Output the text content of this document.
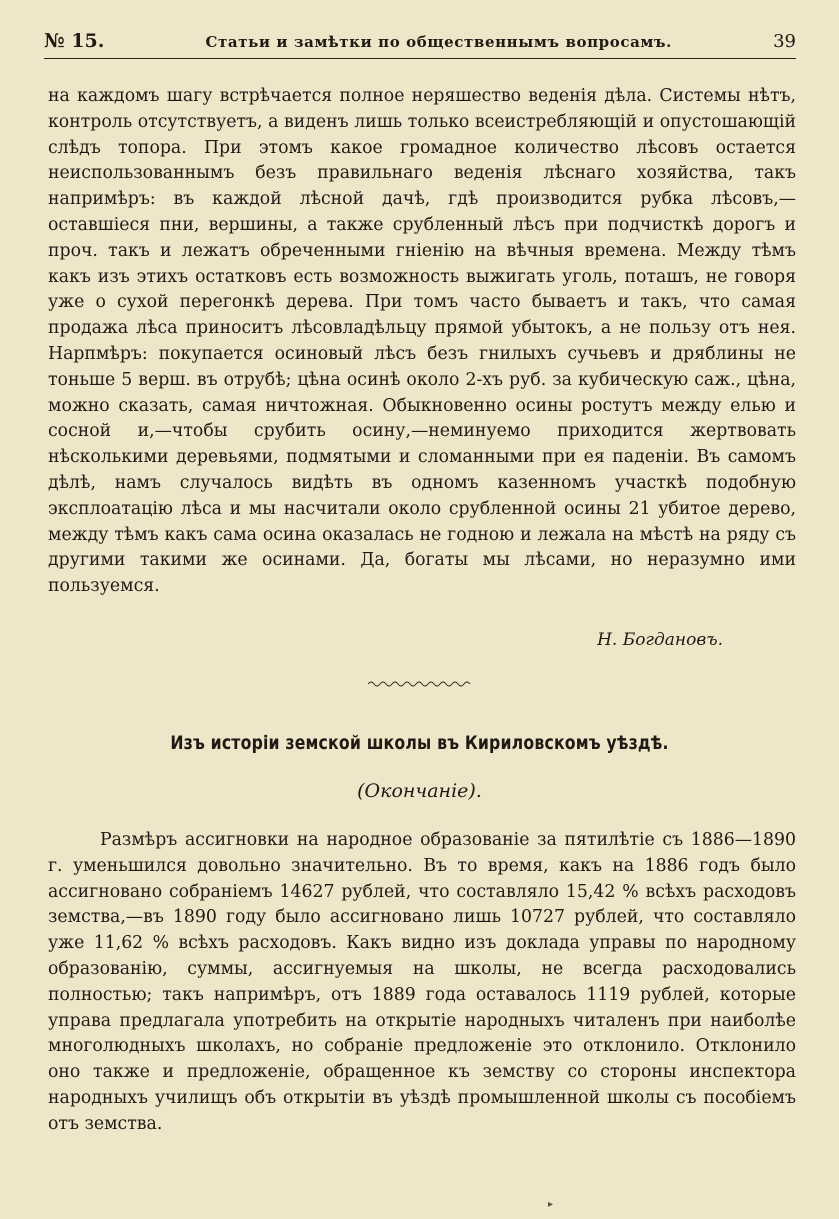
№ 15.	Статьи и замѣтки по общественнымъ вопросамъ.	39

на каждомъ шагу встрѣчается полное неряшество веденія дѣла. Системы нѣтъ, контроль отсутствуетъ, а виденъ лишь только всеистребляющій и опустошающій слѣдъ топора. При этомъ какое громадное количество лѣсовъ остается неиспользованнымъ безъ правильнаго веденія лѣснаго хозяйства, такъ напримѣръ: въ каждой лѣсной дачѣ, гдѣ производится рубка лѣсовъ,—оставшіеся пни, вершины, а также срубленный лѣсъ при подчисткѣ дорогъ и проч. такъ и лежатъ обреченными гніенію на вѣчныя времена. Между тѣмъ какъ изъ этихъ остатковъ есть возможность выжигать уголь, поташъ, не говоря уже о сухой перегонкѣ дерева. При томъ часто бываетъ и такъ, что самая продажа лѣса приноситъ лѣсовладѣльцу прямой убытокъ, а не пользу отъ нея. Нарпмѣръ: покупается осиновый лѣсъ безъ гнилыхъ сучьевъ и дряблины не тоньше 5 верш. въ отрубѣ; цѣна осинѣ около 2-хъ руб. за кубическую саж., цѣна, можно сказать, самая ничтожная. Обыкновенно осины ростутъ между елью и сосной и,—чтобы срубить осину,—неминуемо приходится жертвовать нѣсколькими деревьями, подмятыми и сломанными при ея паденіи. Въ самомъ дѣлѣ, намъ случалось видѣть въ одномъ казенномъ участкѣ подобную эксплоатацію лѣса и мы насчитали около срубленной осины 21 убитое дерево, между тѣмъ какъ сама осина оказалась не годною и лежала на мѣстѣ на ряду съ другими такими же осинами. Да, богаты мы лѣсами, но неразумно ими пользуемся.

Н. Богдановъ.
Изъ исторіи земской школы въ Кириловскомъ уѣздѣ.
(Окончаніе).

Размѣръ ассигновки на народное образованіе за пятилѣтіе съ 1886—1890 г. уменьшился довольно значительно. Въ то время, какъ на 1886 годъ было ассигновано собраніемъ 14627 рублей, что составляло 15,42 % всѣхъ расходовъ земства,—въ 1890 году было ассигновано лишь 10727 рублей, что составляло уже 11,62 % всѣхъ расходовъ. Какъ видно изъ доклада управы по народному образованію, суммы, ассигнуемыя на школы, не всегда расходовались полностью; такъ напримѣръ, отъ 1889 года оставалось 1119 рублей, которые управа предлагала употребить на открытіе народныхъ читаленъ при наиболѣе многолюдныхъ школахъ, но собраніе предложеніе это отклонило. Отклонило оно также и предложеніе, обращенное къ земству со стороны инспектора народныхъ училищъ объ открытіи въ уѣздѣ промышленной школы съ пособіемъ отъ земства.

▸
